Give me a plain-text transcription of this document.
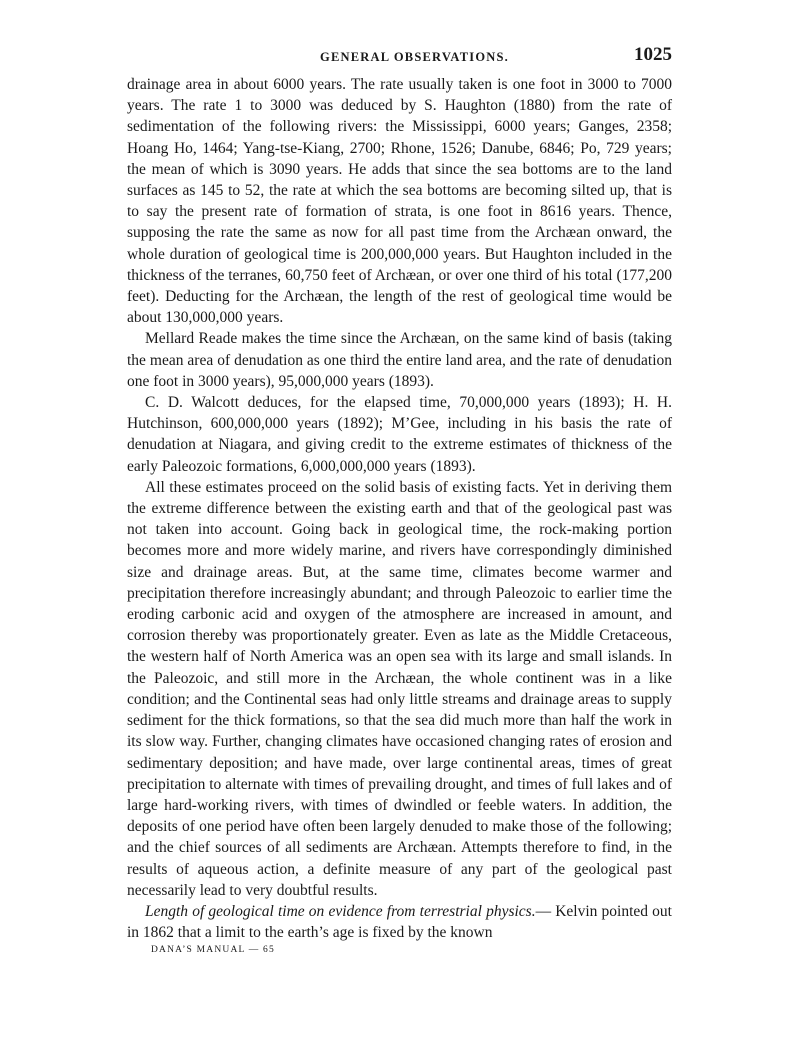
GENERAL OBSERVATIONS.	1025

drainage area in about 6000 years. The rate usually taken is one foot in 3000 to 7000 years. The rate 1 to 3000 was deduced by S. Haughton (1880) from the rate of sedimentation of the following rivers: the Mississippi, 6000 years; Ganges, 2358; Hoang Ho, 1464; Yang-tse-Kiang, 2700; Rhone, 1526; Danube, 6846; Po, 729 years; the mean of which is 3090 years. He adds that since the sea bottoms are to the land surfaces as 145 to 52, the rate at which the sea bottoms are becoming silted up, that is to say the present rate of formation of strata, is one foot in 8616 years. Thence, supposing the rate the same as now for all past time from the Archæan onward, the whole duration of geological time is 200,000,000 years. But Haughton included in the thickness of the terranes, 60,750 feet of Archæan, or over one third of his total (177,200 feet). Deducting for the Archæan, the length of the rest of geological time would be about 130,000,000 years.

Mellard Reade makes the time since the Archæan, on the same kind of basis (taking the mean area of denudation as one third the entire land area, and the rate of denudation one foot in 3000 years), 95,000,000 years (1893).

C. D. Walcott deduces, for the elapsed time, 70,000,000 years (1893); H. H. Hutchinson, 600,000,000 years (1892); M’Gee, including in his basis the rate of denudation at Niagara, and giving credit to the extreme estimates of thickness of the early Paleozoic formations, 6,000,000,000 years (1893).

All these estimates proceed on the solid basis of existing facts. Yet in deriving them the extreme difference between the existing earth and that of the geological past was not taken into account. Going back in geological time, the rock-making portion becomes more and more widely marine, and rivers have correspondingly diminished size and drainage areas. But, at the same time, climates become warmer and precipitation therefore increasingly abundant; and through Paleozoic to earlier time the eroding carbonic acid and oxygen of the atmosphere are increased in amount, and corrosion thereby was proportionately greater. Even as late as the Middle Cretaceous, the western half of North America was an open sea with its large and small islands. In the Paleozoic, and still more in the Archæan, the whole continent was in a like condition; and the Continental seas had only little streams and drainage areas to supply sediment for the thick formations, so that the sea did much more than half the work in its slow way. Further, changing climates have occasioned changing rates of erosion and sedimentary deposition; and have made, over large continental areas, times of great precipitation to alternate with times of prevailing drought, and times of full lakes and of large hard-working rivers, with times of dwindled or feeble waters. In addition, the deposits of one period have often been largely denuded to make those of the following; and the chief sources of all sediments are Archæan. Attempts therefore to find, in the results of aqueous action, a definite measure of any part of the geological past necessarily lead to very doubtful results.

Length of geological time on evidence from terrestrial physics.— Kelvin pointed out in 1862 that a limit to the earth’s age is fixed by the known

DANA’S MANUAL — 65
